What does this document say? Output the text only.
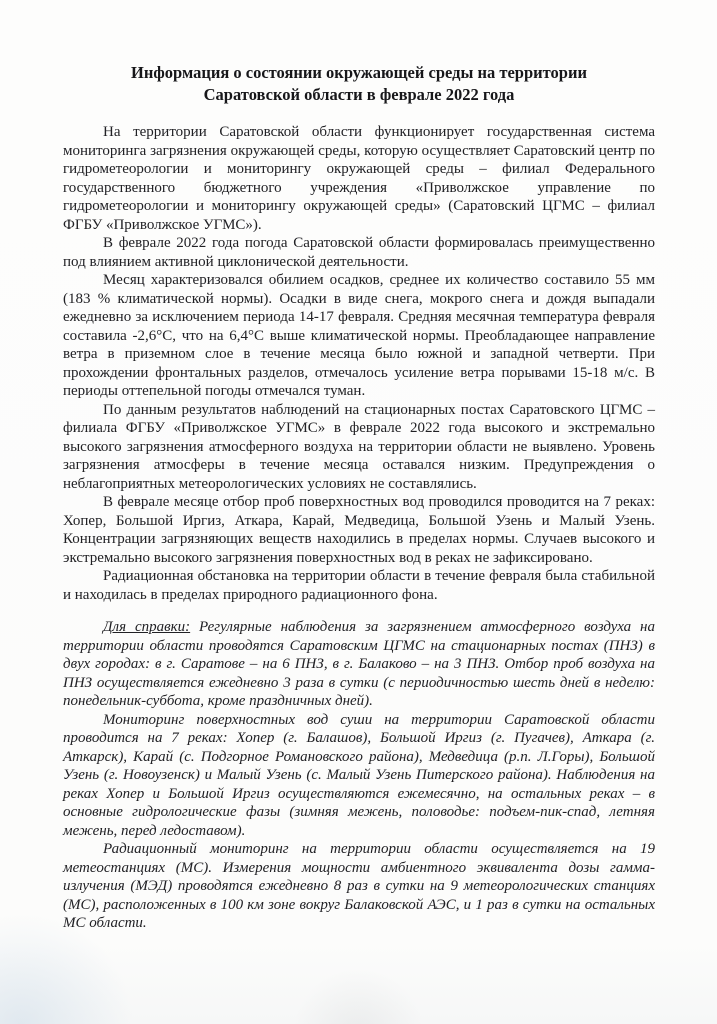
Информация о состоянии окружающей среды на территории Саратовской области в феврале 2022 года

На территории Саратовской области функционирует государственная система мониторинга загрязнения окружающей среды, которую осуществляет Саратовский центр по гидрометеорологии и мониторингу окружающей среды – филиал Федерального государственного бюджетного учреждения «Приволжское управление по гидрометеорологии и мониторингу окружающей среды» (Саратовский ЦГМС – филиал ФГБУ «Приволжское УГМС»).

В феврале 2022 года погода Саратовской области формировалась преимущественно под влиянием активной циклонической деятельности.

Месяц характеризовался обилием осадков, среднее их количество составило 55 мм (183 % климатической нормы). Осадки в виде снега, мокрого снега и дождя выпадали ежедневно за исключением периода 14-17 февраля. Средняя месячная температура февраля составила -2,6°С, что на 6,4°С выше климатической нормы. Преобладающее направление ветра в приземном слое в течение месяца было южной и западной четверти. При прохождении фронтальных разделов, отмечалось усиление ветра порывами 15-18 м/с. В периоды оттепельной погоды отмечался туман.

По данным результатов наблюдений на стационарных постах Саратовского ЦГМС – филиала ФГБУ «Приволжское УГМС» в феврале 2022 года высокого и экстремально высокого загрязнения атмосферного воздуха на территории области не выявлено. Уровень загрязнения атмосферы в течение месяца оставался низким. Предупреждения о неблагоприятных метеорологических условиях не составлялись.

В феврале месяце отбор проб поверхностных вод проводился проводится на 7 реках: Хопер, Большой Иргиз, Аткара, Карай, Медведица, Большой Узень и Малый Узень. Концентрации загрязняющих веществ находились в пределах нормы. Случаев высокого и экстремально высокого загрязнения поверхностных вод в реках не зафиксировано.

Радиационная обстановка на территории области в течение февраля была стабильной и находилась в пределах природного радиационного фона.

Для справки: Регулярные наблюдения за загрязнением атмосферного воздуха на территории области проводятся Саратовским ЦГМС на стационарных постах (ПНЗ) в двух городах: в г. Саратове – на 6 ПНЗ, в г. Балаково – на 3 ПНЗ. Отбор проб воздуха на ПНЗ осуществляется ежедневно 3 раза в сутки (с периодичностью шесть дней в неделю: понедельник-суббота, кроме праздничных дней).

Мониторинг поверхностных вод суши на территории Саратовской области проводится на 7 реках: Хопер (г. Балашов), Большой Иргиз (г. Пугачев), Аткара (г. Аткарск), Карай (с. Подгорное Романовского района), Медведица (р.п. Л.Горы), Большой Узень (г. Новоузенск) и Малый Узень (с. Малый Узень Питерского района). Наблюдения на реках Хопер и Большой Иргиз осуществляются ежемесячно, на остальных реках – в основные гидрологические фазы (зимняя межень, половодье: подъем-пик-спад, летняя межень, перед ледоставом).

Радиационный мониторинг на территории области осуществляется на 19 метеостанциях (МС). Измерения мощности амбиентного эквивалента дозы гамма-излучения (МЭД) проводятся ежедневно 8 раз в сутки на 9 метеорологических станциях (МС), расположенных в 100 км зоне вокруг Балаковской АЭС, и 1 раз в сутки на остальных МС области.
